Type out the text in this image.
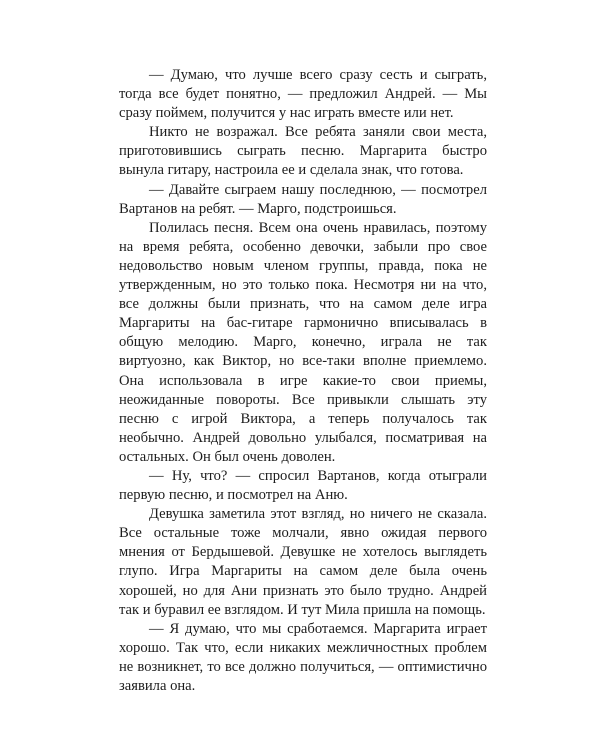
— Думаю, что лучше всего сразу сесть и сыграть, тогда все будет понятно, — предложил Андрей. — Мы сразу поймем, получится у нас играть вместе или нет.

Никто не возражал. Все ребята заняли свои места, приготовившись сыграть песню. Маргарита быстро вынула гитару, настроила ее и сделала знак, что готова.

— Давайте сыграем нашу последнюю, — посмотрел Вартанов на ребят. — Марго, подстроишься.

Полилась песня. Всем она очень нравилась, поэтому на время ребята, особенно девочки, забыли про свое недовольство новым членом группы, правда, пока не утвержденным, но это только пока. Несмотря ни на что, все должны были признать, что на самом деле игра Маргариты на бас-гитаре гармонично вписывалась в общую мелодию. Марго, конечно, играла не так виртуозно, как Виктор, но все-таки вполне приемлемо. Она использовала в игре какие-то свои приемы, неожиданные повороты. Все привыкли слышать эту песню с игрой Виктора, а теперь получалось так необычно. Андрей довольно улыбался, посматривая на остальных. Он был очень доволен.

— Ну, что? — спросил Вартанов, когда отыграли первую песню, и посмотрел на Аню.

Девушка заметила этот взгляд, но ничего не сказала. Все остальные тоже молчали, явно ожидая первого мнения от Бердышевой. Девушке не хотелось выглядеть глупо. Игра Маргариты на самом деле была очень хорошей, но для Ани признать это было трудно. Андрей так и буравил ее взглядом. И тут Мила пришла на помощь.

— Я думаю, что мы сработаемся. Маргарита играет хорошо. Так что, если никаких межличностных проблем не возникнет, то все должно получиться, — оптимистично заявила она.
